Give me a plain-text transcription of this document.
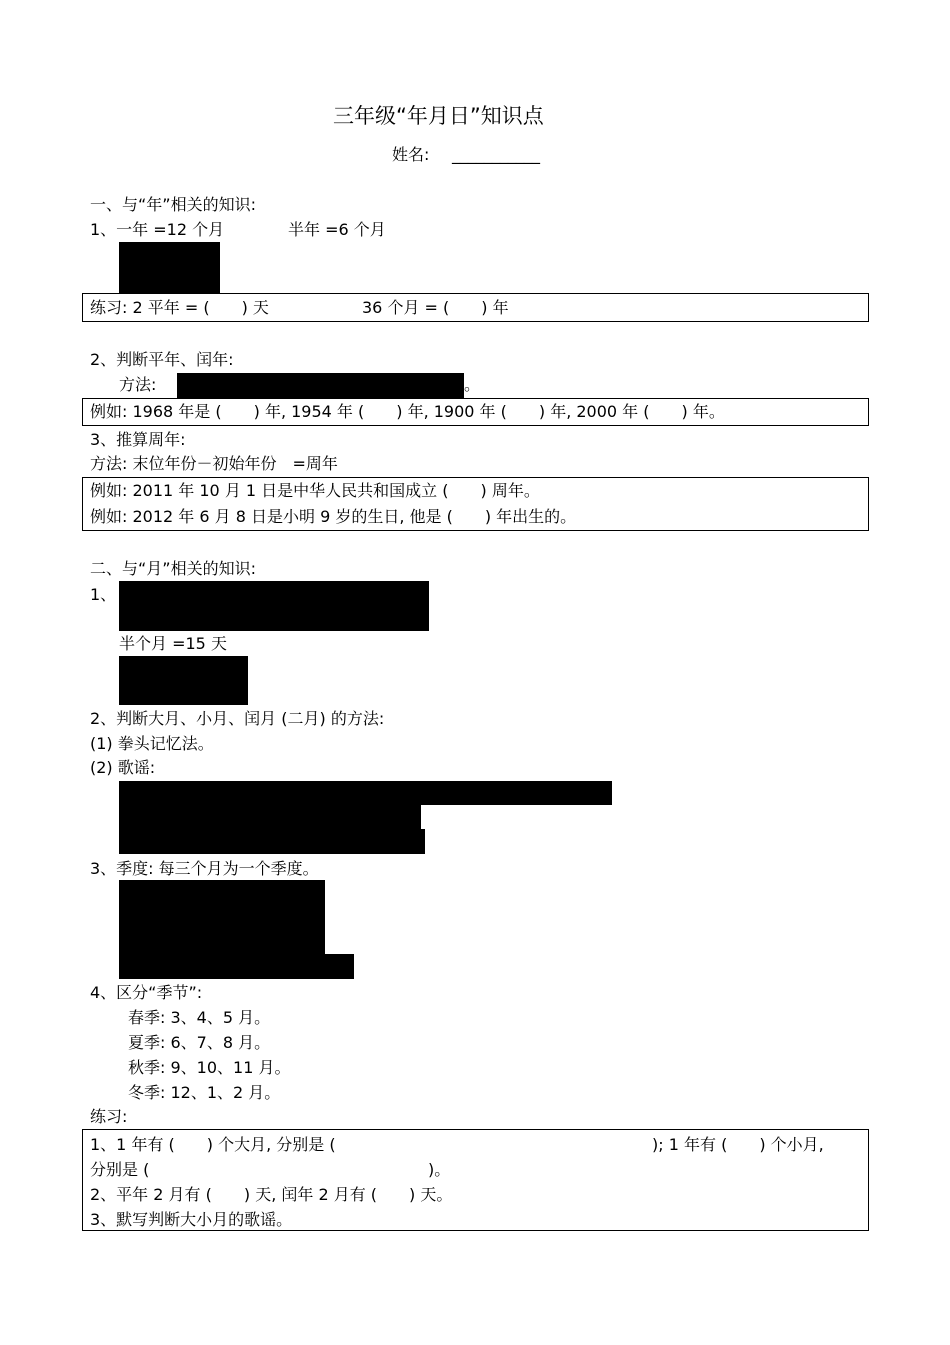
三年级“年月日”知识点
姓名: ___________
一、与“年”相关的知识:
1、一年 =12 个月	半年 =6 个月
练习: 2 平年 = (　　) 天	36 个月 = (　　) 年
2、判断平年、闰年:
方法:	。
例如: 1968 年是 (　　) 年, 1954 年 (　　) 年, 1900 年 (　　) 年, 2000 年 (　　) 年。
3、推算周年:
方法: 末位年份－初始年份　=周年
例如: 2011 年 10 月 1 日是中华人民共和国成立 (　　) 周年。
例如: 2012 年 6 月 8 日是小明 9 岁的生日, 他是 (　　) 年出生的。
二、与“月”相关的知识:
1、
半个月 =15 天
2、判断大月、小月、闰月 (二月) 的方法:
(1) 拳头记忆法。
(2) 歌谣:
3、季度: 每三个月为一个季度。
4、区分“季节”:
春季: 3、4、5 月。
夏季: 6、7、8 月。
秋季: 9、10、11 月。
冬季: 12、1、2 月。
练习:
1、1 年有 (　　) 个大月, 分别是 (	); 1 年有 (　　) 个小月,
分别是 (	)。
2、平年 2 月有 (　　) 天, 闰年 2 月有 (　　) 天。
3、默写判断大小月的歌谣。
